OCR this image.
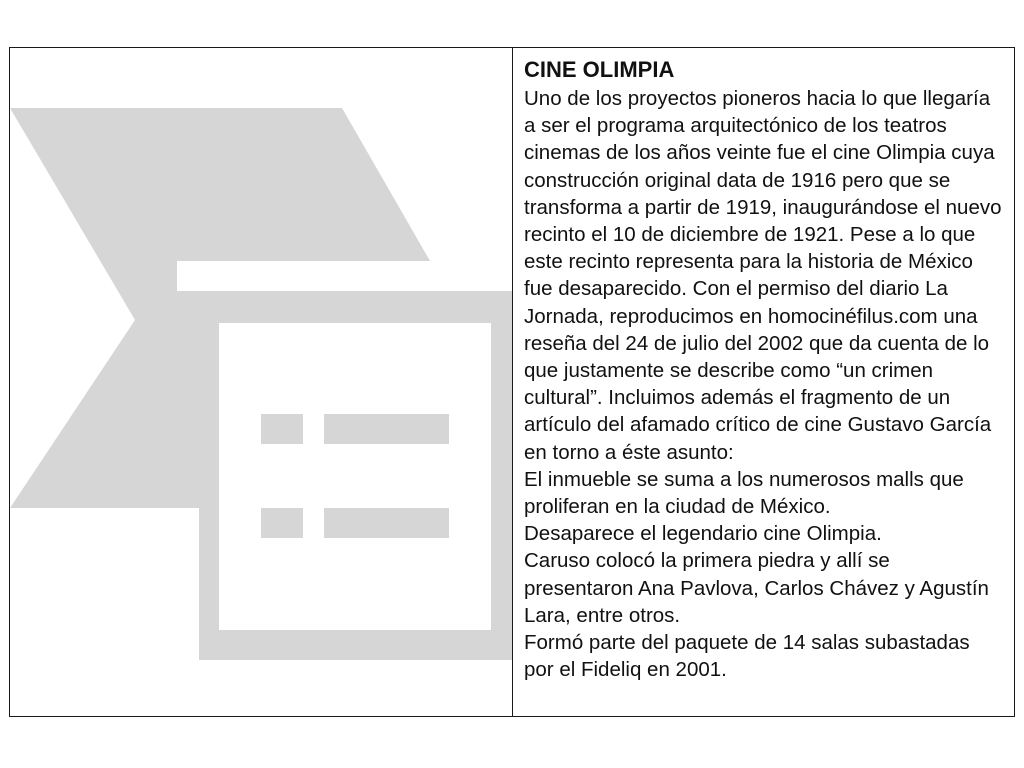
CINE OLIMPIA

Uno de los proyectos pioneros hacia lo que llegaría a ser el programa arquitectónico de los teatros cinemas de los años veinte fue el cine Olimpia cuya construcción original data de 1916 pero que se transforma a partir de 1919, inaugurándose el nuevo recinto el 10 de diciembre de 1921. Pese a lo que este recinto representa para la historia de México fue desaparecido. Con el permiso del diario La Jornada, reproducimos en homocinéfilus.com una reseña del 24 de julio del 2002 que da cuenta de lo que justamente se describe como “un crimen cultural”. Incluimos además el fragmento de un artículo del afamado crítico de cine Gustavo García en torno a éste asunto:

El inmueble se suma a los numerosos malls que proliferan en la ciudad de México.

Desaparece el legendario cine Olimpia.

Caruso colocó la primera piedra y allí se presentaron Ana Pavlova, Carlos Chávez y Agustín Lara, entre otros.

Formó parte del paquete de 14 salas subastadas por el Fideliq en 2001.
